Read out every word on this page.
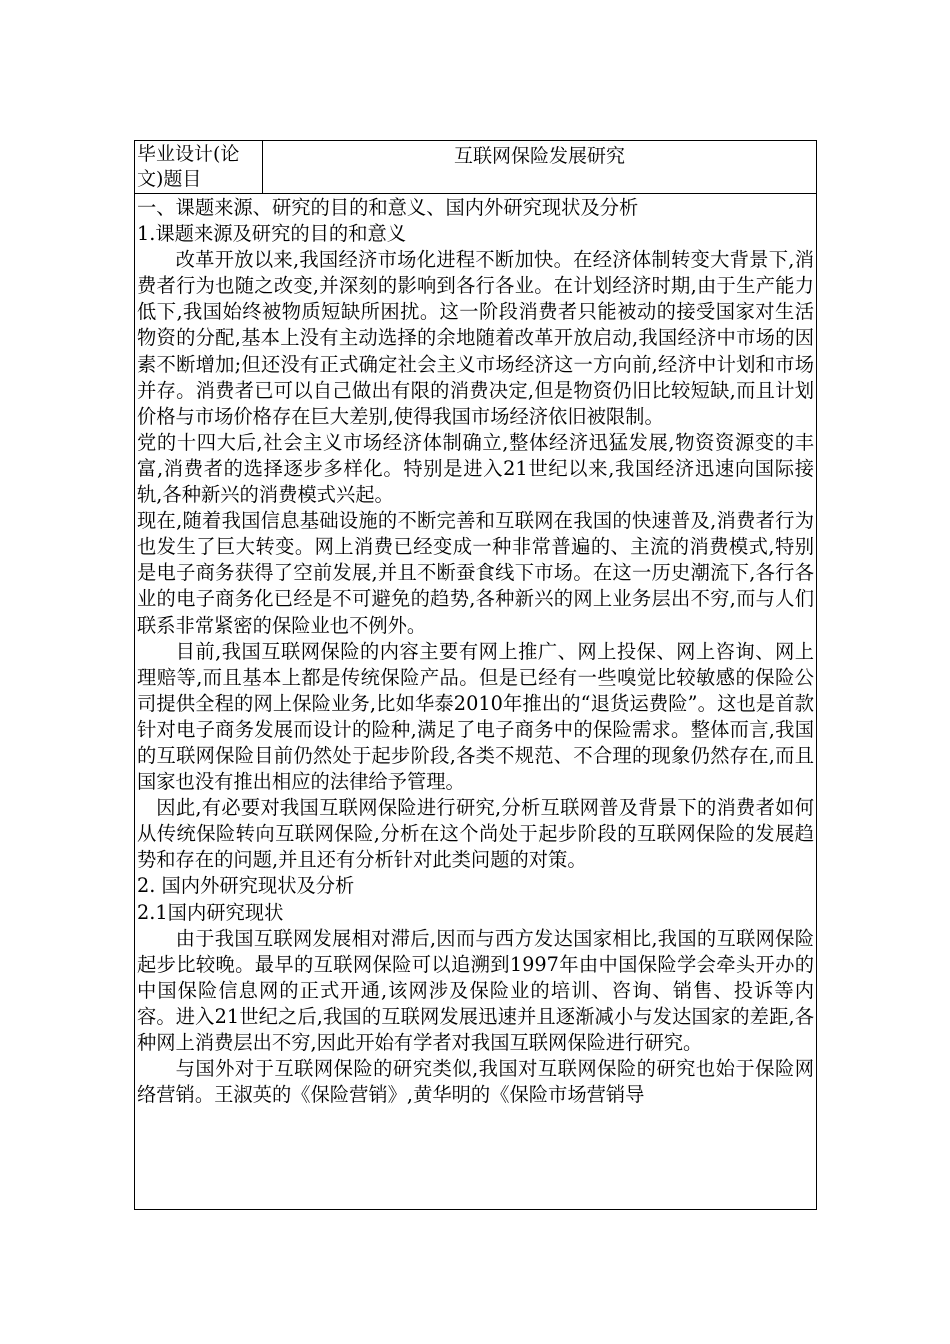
毕业设计(论文)题目
互联网保险发展研究

一、课题来源、研究的目的和意义、国内外研究现状及分析

1.课题来源及研究的目的和意义

改革开放以来,我国经济市场化进程不断加快。在经济体制转变大背景下,消费者行为也随之改变,并深刻的影响到各行各业。在计划经济时期,由于生产能力低下,我国始终被物质短缺所困扰。这一阶段消费者只能被动的接受国家对生活物资的分配,基本上没有主动选择的余地随着改革开放启动,我国经济中市场的因素不断增加;但还没有正式确定社会主义市场经济这一方向前,经济中计划和市场并存。消费者已可以自己做出有限的消费决定,但是物资仍旧比较短缺,而且计划价格与市场价格存在巨大差别,使得我国市场经济依旧被限制。

党的十四大后,社会主义市场经济体制确立,整体经济迅猛发展,物资资源变的丰富,消费者的选择逐步多样化。特别是进入21世纪以来,我国经济迅速向国际接轨,各种新兴的消费模式兴起。

现在,随着我国信息基础设施的不断完善和互联网在我国的快速普及,消费者行为也发生了巨大转变。网上消费已经变成一种非常普遍的、主流的消费模式,特别是电子商务获得了空前发展,并且不断蚕食线下市场。在这一历史潮流下,各行各业的电子商务化已经是不可避免的趋势,各种新兴的网上业务层出不穷,而与人们联系非常紧密的保险业也不例外。

目前,我国互联网保险的内容主要有网上推广、网上投保、网上咨询、网上理赔等,而且基本上都是传统保险产品。但是已经有一些嗅觉比较敏感的保险公司提供全程的网上保险业务,比如华泰2010年推出的“退货运费险”。这也是首款针对电子商务发展而设计的险种,满足了电子商务中的保险需求。整体而言,我国的互联网保险目前仍然处于起步阶段,各类不规范、不合理的现象仍然存在,而且国家也没有推出相应的法律给予管理。

因此,有必要对我国互联网保险进行研究,分析互联网普及背景下的消费者如何从传统保险转向互联网保险,分析在这个尚处于起步阶段的互联网保险的发展趋势和存在的问题,并且还有分析针对此类问题的对策。

2. 国内外研究现状及分析

2.1国内研究现状

由于我国互联网发展相对滞后,因而与西方发达国家相比,我国的互联网保险起步比较晚。最早的互联网保险可以追溯到1997年由中国保险学会牵头开办的中国保险信息网的正式开通,该网涉及保险业的培训、咨询、销售、投诉等内容。进入21世纪之后,我国的互联网发展迅速并且逐渐减小与发达国家的差距,各种网上消费层出不穷,因此开始有学者对我国互联网保险进行研究。

与国外对于互联网保险的研究类似,我国对互联网保险的研究也始于保险网络营销。王淑英的《保险营销》,黄华明的《保险市场营销导
